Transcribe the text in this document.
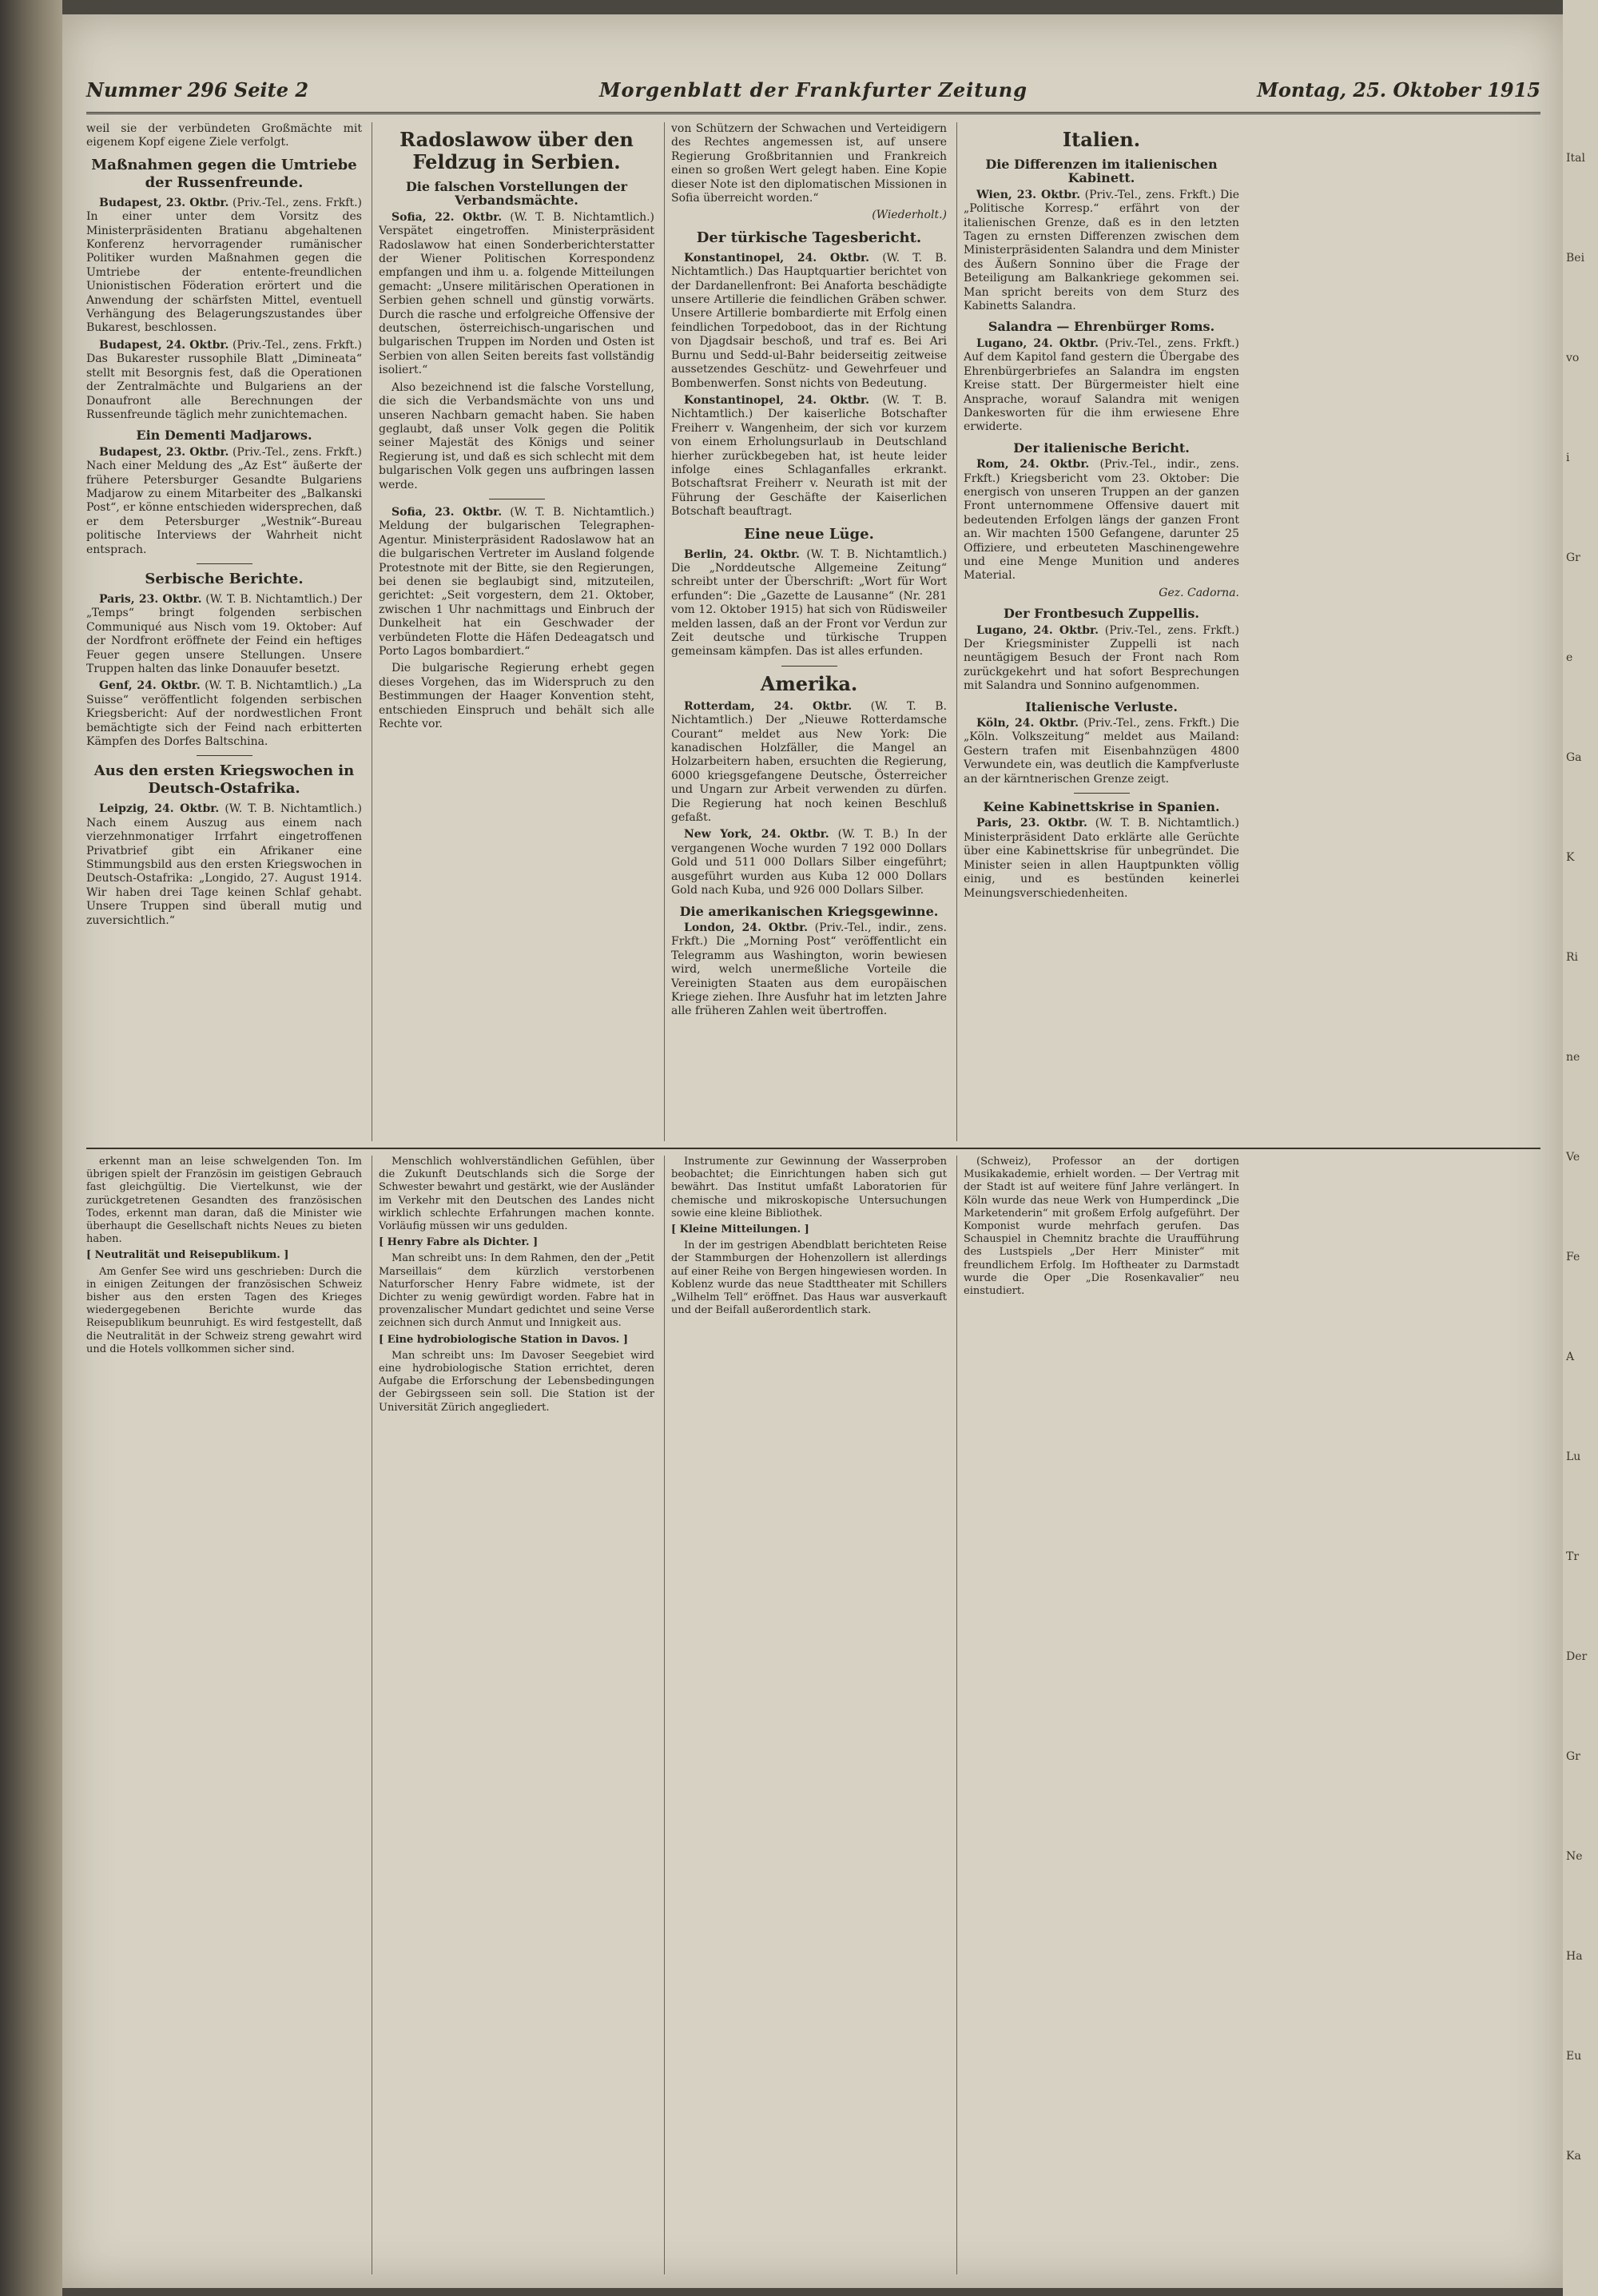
Nummer 296 Seite 2	Morgenblatt der Frankfurter Zeitung	Montag, 25. Oktober 1915

weil sie der verbündeten Großmächte mit eigenem Kopf eigene Ziele verfolgt.

Maßnahmen gegen die Umtriebe der Russenfreunde.

Budapest, 23. Oktbr. (Priv.-Tel., zens. Frkft.) In einer unter dem Vorsitz des Ministerpräsidenten Bratianu abgehaltenen Konferenz hervorragender rumänischer Politiker wurden Maßnahmen gegen die Umtriebe der entente-freundlichen Unionistischen Föderation erörtert und die Anwendung der schärfsten Mittel, eventuell Verhängung des Belagerungszustandes über Bukarest, beschlossen.

Budapest, 24. Oktbr. (Priv.-Tel., zens. Frkft.) Das Bukarester russophile Blatt „Dimineata“ stellt mit Besorgnis fest, daß die Operationen der Zentralmächte und Bulgariens an der Donaufront alle Berechnungen der Russenfreunde täglich mehr zunichtemachen.

Ein Dementi Madjarows.

Budapest, 23. Oktbr. (Priv.-Tel., zens. Frkft.) Nach einer Meldung des „Az Est“ äußerte der frühere Petersburger Gesandte Bulgariens Madjarow zu einem Mitarbeiter des „Balkanski Post“, er könne entschieden widersprechen, daß er dem Petersburger „Westnik“-Bureau politische Interviews der Wahrheit nicht entsprach.

Serbische Berichte.

Paris, 23. Oktbr. (W. T. B. Nichtamtlich.) Der „Temps“ bringt folgenden serbischen Communiqué aus Nisch vom 19. Oktober: Auf der Nordfront eröffnete der Feind ein heftiges Feuer gegen unsere Stellungen. Unsere Truppen halten das linke Donauufer besetzt.

Genf, 24. Oktbr. (W. T. B. Nichtamtlich.) „La Suisse“ veröffentlicht folgenden serbischen Kriegsbericht: Auf der nordwestlichen Front bemächtigte sich der Feind nach erbitterten Kämpfen des Dorfes Baltschina.

Aus den ersten Kriegswochen in Deutsch-Ostafrika.

Leipzig, 24. Oktbr. (W. T. B. Nichtamtlich.) Nach einem Auszug aus einem nach vierzehnmonatiger Irrfahrt eingetroffenen Privatbrief gibt ein Afrikaner eine Stimmungsbild aus den ersten Kriegswochen in Deutsch-Ostafrika: „Longido, 27. August 1914. Wir haben drei Tage keinen Schlaf gehabt. Unsere Truppen sind überall mutig und zuversichtlich.“

Radoslawow über den Feldzug in Serbien.
Die falschen Vorstellungen der Verbandsmächte.

Sofia, 22. Oktbr. (W. T. B. Nichtamtlich.) Verspätet eingetroffen. Ministerpräsident Radoslawow hat einen Sonderberichterstatter der Wiener Politischen Korrespondenz empfangen und ihm u. a. folgende Mitteilungen gemacht: „Unsere militärischen Operationen in Serbien gehen schnell und günstig vorwärts. Durch die rasche und erfolgreiche Offensive der deutschen, österreichisch-ungarischen und bulgarischen Truppen im Norden und Osten ist Serbien von allen Seiten bereits fast vollständig isoliert.“

Also bezeichnend ist die falsche Vorstellung, die sich die Verbandsmächte von uns und unseren Nachbarn gemacht haben. Sie haben geglaubt, daß unser Volk gegen die Politik seiner Majestät des Königs und seiner Regierung ist, und daß es sich schlecht mit dem bulgarischen Volk gegen uns aufbringen lassen werde.

Sofia, 23. Oktbr. (W. T. B. Nichtamtlich.) Meldung der bulgarischen Telegraphen-Agentur. Ministerpräsident Radoslawow hat an die bulgarischen Vertreter im Ausland folgende Protestnote mit der Bitte, sie den Regierungen, bei denen sie beglaubigt sind, mitzuteilen, gerichtet: „Seit vorgestern, dem 21. Oktober, zwischen 1 Uhr nachmittags und Einbruch der Dunkelheit hat ein Geschwader der verbündeten Flotte die Häfen Dedeagatsch und Porto Lagos bombardiert.“

Die bulgarische Regierung erhebt gegen dieses Vorgehen, das im Widerspruch zu den Bestimmungen der Haager Konvention steht, entschieden Einspruch und behält sich alle Rechte vor.

von Schützern der Schwachen und Verteidigern des Rechtes angemessen ist, auf unsere Regierung Großbritannien und Frankreich einen so großen Wert gelegt haben. Eine Kopie dieser Note ist den diplomatischen Missionen in Sofia überreicht worden.“

(Wiederholt.)

Der türkische Tagesbericht.

Konstantinopel, 24. Oktbr. (W. T. B. Nichtamtlich.) Das Hauptquartier berichtet von der Dardanellenfront: Bei Anaforta beschädigte unsere Artillerie die feindlichen Gräben schwer. Unsere Artillerie bombardierte mit Erfolg einen feindlichen Torpedoboot, das in der Richtung von Djagdsair beschoß, und traf es. Bei Ari Burnu und Sedd-ul-Bahr beiderseitig zeitweise aussetzendes Geschütz- und Gewehrfeuer und Bombenwerfen. Sonst nichts von Bedeutung.

Konstantinopel, 24. Oktbr. (W. T. B. Nichtamtlich.) Der kaiserliche Botschafter Freiherr v. Wangenheim, der sich vor kurzem von einem Erholungsurlaub in Deutschland hierher zurückbegeben hat, ist heute leider infolge eines Schlaganfalles erkrankt. Botschaftsrat Freiherr v. Neurath ist mit der Führung der Geschäfte der Kaiserlichen Botschaft beauftragt.

Eine neue Lüge.

Berlin, 24. Oktbr. (W. T. B. Nichtamtlich.) Die „Norddeutsche Allgemeine Zeitung“ schreibt unter der Überschrift: „Wort für Wort erfunden“: Die „Gazette de Lausanne“ (Nr. 281 vom 12. Oktober 1915) hat sich von Rüdisweiler melden lassen, daß an der Front vor Verdun zur Zeit deutsche und türkische Truppen gemeinsam kämpfen. Das ist alles erfunden.

Amerika.

Rotterdam, 24. Oktbr. (W. T. B. Nichtamtlich.) Der „Nieuwe Rotterdamsche Courant“ meldet aus New York: Die kanadischen Holzfäller, die Mangel an Holzarbeitern haben, ersuchten die Regierung, 6000 kriegsgefangene Deutsche, Österreicher und Ungarn zur Arbeit verwenden zu dürfen. Die Regierung hat noch keinen Beschluß gefaßt.

New York, 24. Oktbr. (W. T. B.) In der vergangenen Woche wurden 7 192 000 Dollars Gold und 511 000 Dollars Silber eingeführt; ausgeführt wurden aus Kuba 12 000 Dollars Gold nach Kuba, und 926 000 Dollars Silber.

Die amerikanischen Kriegsgewinne.

London, 24. Oktbr. (Priv.-Tel., indir., zens. Frkft.) Die „Morning Post“ veröffentlicht ein Telegramm aus Washington, worin bewiesen wird, welch unermeßliche Vorteile die Vereinigten Staaten aus dem europäischen Kriege ziehen. Ihre Ausfuhr hat im letzten Jahre alle früheren Zahlen weit übertroffen.

Italien.
Die Differenzen im italienischen Kabinett.

Wien, 23. Oktbr. (Priv.-Tel., zens. Frkft.) Die „Politische Korresp.“ erfährt von der italienischen Grenze, daß es in den letzten Tagen zu ernsten Differenzen zwischen dem Ministerpräsidenten Salandra und dem Minister des Äußern Sonnino über die Frage der Beteiligung am Balkankriege gekommen sei. Man spricht bereits von dem Sturz des Kabinetts Salandra.

Salandra — Ehrenbürger Roms.

Lugano, 24. Oktbr. (Priv.-Tel., zens. Frkft.) Auf dem Kapitol fand gestern die Übergabe des Ehrenbürgerbriefes an Salandra im engsten Kreise statt. Der Bürgermeister hielt eine Ansprache, worauf Salandra mit wenigen Dankesworten für die ihm erwiesene Ehre erwiderte.

Der italienische Bericht.

Rom, 24. Oktbr. (Priv.-Tel., indir., zens. Frkft.) Kriegsbericht vom 23. Oktober: Die energisch von unseren Truppen an der ganzen Front unternommene Offensive dauert mit bedeutenden Erfolgen längs der ganzen Front an. Wir machten 1500 Gefangene, darunter 25 Offiziere, und erbeuteten Maschinengewehre und eine Menge Munition und anderes Material.

Gez. Cadorna.

Der Frontbesuch Zuppellis.

Lugano, 24. Oktbr. (Priv.-Tel., zens. Frkft.) Der Kriegsminister Zuppelli ist nach neuntägigem Besuch der Front nach Rom zurückgekehrt und hat sofort Besprechungen mit Salandra und Sonnino aufgenommen.

Italienische Verluste.

Köln, 24. Oktbr. (Priv.-Tel., zens. Frkft.) Die „Köln. Volkszeitung“ meldet aus Mailand: Gestern trafen mit Eisenbahnzügen 4800 Verwundete ein, was deutlich die Kampfverluste an der kärntnerischen Grenze zeigt.

Keine Kabinettskrise in Spanien.

Paris, 23. Oktbr. (W. T. B. Nichtamtlich.) Ministerpräsident Dato erklärte alle Gerüchte über eine Kabinettskrise für unbegründet. Die Minister seien in allen Hauptpunkten völlig einig, und es bestünden keinerlei Meinungsverschiedenheiten.

erkennt man an leise schwelgenden Ton. Im übrigen spielt der Französin im geistigen Gebrauch fast gleichgültig. Die Viertelkunst, wie der zurückgetretenen Gesandten des französischen Todes, erkennt man daran, daß die Minister wie überhaupt die Gesellschaft nichts Neues zu bieten haben.

[ Neutralität und Reisepublikum. ]

Am Genfer See wird uns geschrieben: Durch die in einigen Zeitungen der französischen Schweiz bisher aus den ersten Tagen des Krieges wiedergegebenen Berichte wurde das Reisepublikum beunruhigt. Es wird festgestellt, daß die Neutralität in der Schweiz streng gewahrt wird und die Hotels vollkommen sicher sind.

Menschlich wohlverständlichen Gefühlen, über die Zukunft Deutschlands sich die Sorge der Schwester bewahrt und gestärkt, wie der Ausländer im Verkehr mit den Deutschen des Landes nicht wirklich schlechte Erfahrungen machen konnte. Vorläufig müssen wir uns gedulden.

[ Henry Fabre als Dichter. ]

Man schreibt uns: In dem Rahmen, den der „Petit Marseillais“ dem kürzlich verstorbenen Naturforscher Henry Fabre widmete, ist der Dichter zu wenig gewürdigt worden. Fabre hat in provenzalischer Mundart gedichtet und seine Verse zeichnen sich durch Anmut und Innigkeit aus.

[ Eine hydrobiologische Station in Davos. ]

Man schreibt uns: Im Davoser Seegebiet wird eine hydrobiologische Station errichtet, deren Aufgabe die Erforschung der Lebensbedingungen der Gebirgsseen sein soll. Die Station ist der Universität Zürich angegliedert.

Instrumente zur Gewinnung der Wasserproben beobachtet; die Einrichtungen haben sich gut bewährt. Das Institut umfaßt Laboratorien für chemische und mikroskopische Untersuchungen sowie eine kleine Bibliothek.

[ Kleine Mitteilungen. ]

In der im gestrigen Abendblatt berichteten Reise der Stammburgen der Hohenzollern ist allerdings auf einer Reihe von Bergen hingewiesen worden. In Koblenz wurde das neue Stadttheater mit Schillers „Wilhelm Tell“ eröffnet. Das Haus war ausverkauft und der Beifall außerordentlich stark.

(Schweiz), Professor an der dortigen Musikakademie, erhielt worden. — Der Vertrag mit der Stadt ist auf weitere fünf Jahre verlängert. In Köln wurde das neue Werk von Humperdinck „Die Marketenderin“ mit großem Erfolg aufgeführt. Der Komponist wurde mehrfach gerufen. Das Schauspiel in Chemnitz brachte die Uraufführung des Lustspiels „Der Herr Minister“ mit freundlichem Erfolg. Im Hoftheater zu Darmstadt wurde die Oper „Die Rosenkavalier“ neu einstudiert.

Ital
Bei
vo
i
Gr
e
Ga
K
Ri
ne
Ve
Fe
A
Lu
Tr
Der
Gr
Ne
Ha
Eu
Ka
